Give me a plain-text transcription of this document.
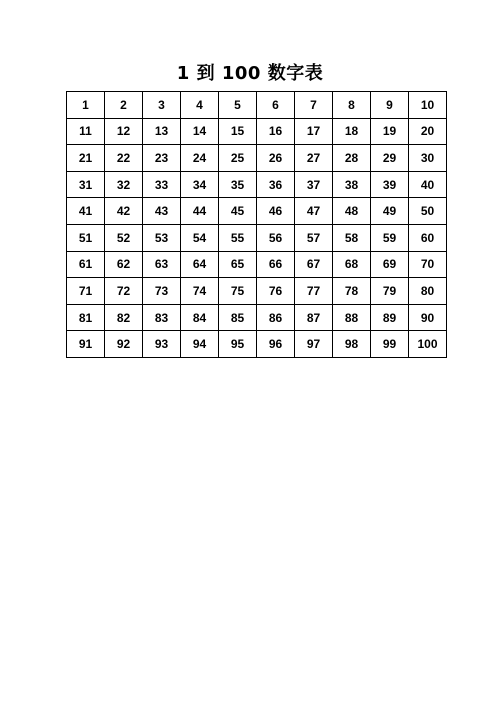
1 到 100 数字表
1	2	3	4	5	6	7	8	9	10
11	12	13	14	15	16	17	18	19	20
21	22	23	24	25	26	27	28	29	30
31	32	33	34	35	36	37	38	39	40
41	42	43	44	45	46	47	48	49	50
51	52	53	54	55	56	57	58	59	60
61	62	63	64	65	66	67	68	69	70
71	72	73	74	75	76	77	78	79	80
81	82	83	84	85	86	87	88	89	90
91	92	93	94	95	96	97	98	99	100
